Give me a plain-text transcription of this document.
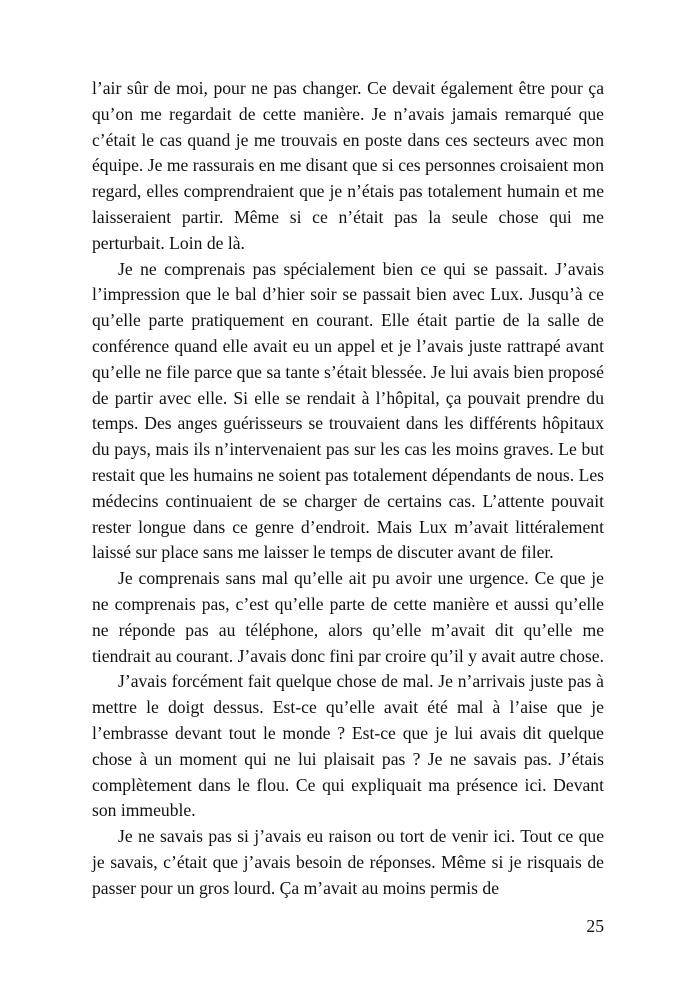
l’air sûr de moi, pour ne pas changer. Ce devait également être pour ça qu’on me regardait de cette manière. Je n’avais jamais remarqué que c’était le cas quand je me trouvais en poste dans ces secteurs avec mon équipe. Je me rassurais en me disant que si ces personnes croisaient mon regard, elles comprendraient que je n’étais pas totalement humain et me laisseraient partir. Même si ce n’était pas la seule chose qui me perturbait. Loin de là.

Je ne comprenais pas spécialement bien ce qui se passait. J’avais l’impression que le bal d’hier soir se passait bien avec Lux. Jusqu’à ce qu’elle parte pratiquement en courant. Elle était partie de la salle de conférence quand elle avait eu un appel et je l’avais juste rattrapé avant qu’elle ne file parce que sa tante s’était blessée. Je lui avais bien proposé de partir avec elle. Si elle se rendait à l’hôpital, ça pouvait prendre du temps. Des anges guérisseurs se trouvaient dans les différents hôpitaux du pays, mais ils n’intervenaient pas sur les cas les moins graves. Le but restait que les humains ne soient pas totalement dépendants de nous. Les médecins continuaient de se charger de certains cas. L’attente pouvait rester longue dans ce genre d’endroit. Mais Lux m’avait littéralement laissé sur place sans me laisser le temps de discuter avant de filer.

Je comprenais sans mal qu’elle ait pu avoir une urgence. Ce que je ne comprenais pas, c’est qu’elle parte de cette manière et aussi qu’elle ne réponde pas au téléphone, alors qu’elle m’avait dit qu’elle me tiendrait au courant. J’avais donc fini par croire qu’il y avait autre chose.

J’avais forcément fait quelque chose de mal. Je n’arrivais juste pas à mettre le doigt dessus. Est-ce qu’elle avait été mal à l’aise que je l’embrasse devant tout le monde ? Est-ce que je lui avais dit quelque chose à un moment qui ne lui plaisait pas ? Je ne savais pas. J’étais complètement dans le flou. Ce qui expliquait ma présence ici. Devant son immeuble.

Je ne savais pas si j’avais eu raison ou tort de venir ici. Tout ce que je savais, c’était que j’avais besoin de réponses. Même si je risquais de passer pour un gros lourd. Ça m’avait au moins permis de

25
